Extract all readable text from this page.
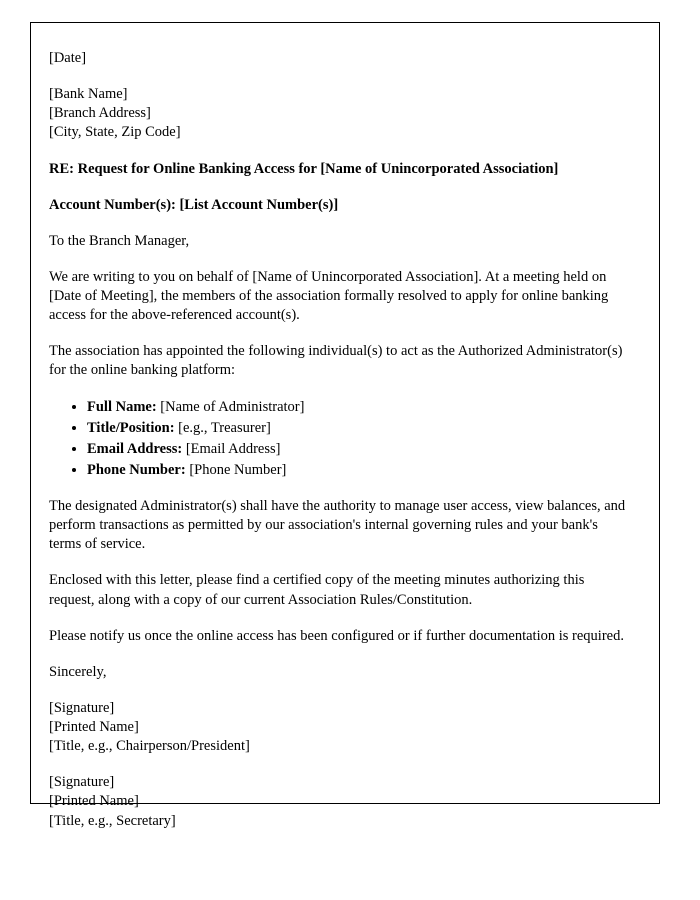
[Date]
[Bank Name]
[Branch Address]
[City, State, Zip Code]

RE: Request for Online Banking Access for [Name of Unincorporated Association]

Account Number(s): [List Account Number(s)]

To the Branch Manager,

We are writing to you on behalf of [Name of Unincorporated Association]. At a meeting held on [Date of Meeting], the members of the association formally resolved to apply for online banking access for the above-referenced account(s).

The association has appointed the following individual(s) to act as the Authorized Administrator(s) for the online banking platform:

• Full Name: [Name of Administrator]
• Title/Position: [e.g., Treasurer]
• Email Address: [Email Address]
• Phone Number: [Phone Number]

The designated Administrator(s) shall have the authority to manage user access, view balances, and perform transactions as permitted by our association's internal governing rules and your bank's terms of service.

Enclosed with this letter, please find a certified copy of the meeting minutes authorizing this request, along with a copy of our current Association Rules/Constitution.

Please notify us once the online access has been configured or if further documentation is required.

Sincerely,

[Signature]
[Printed Name]
[Title, e.g., Chairperson/President]
[Signature]
[Printed Name]
[Title, e.g., Secretary]
